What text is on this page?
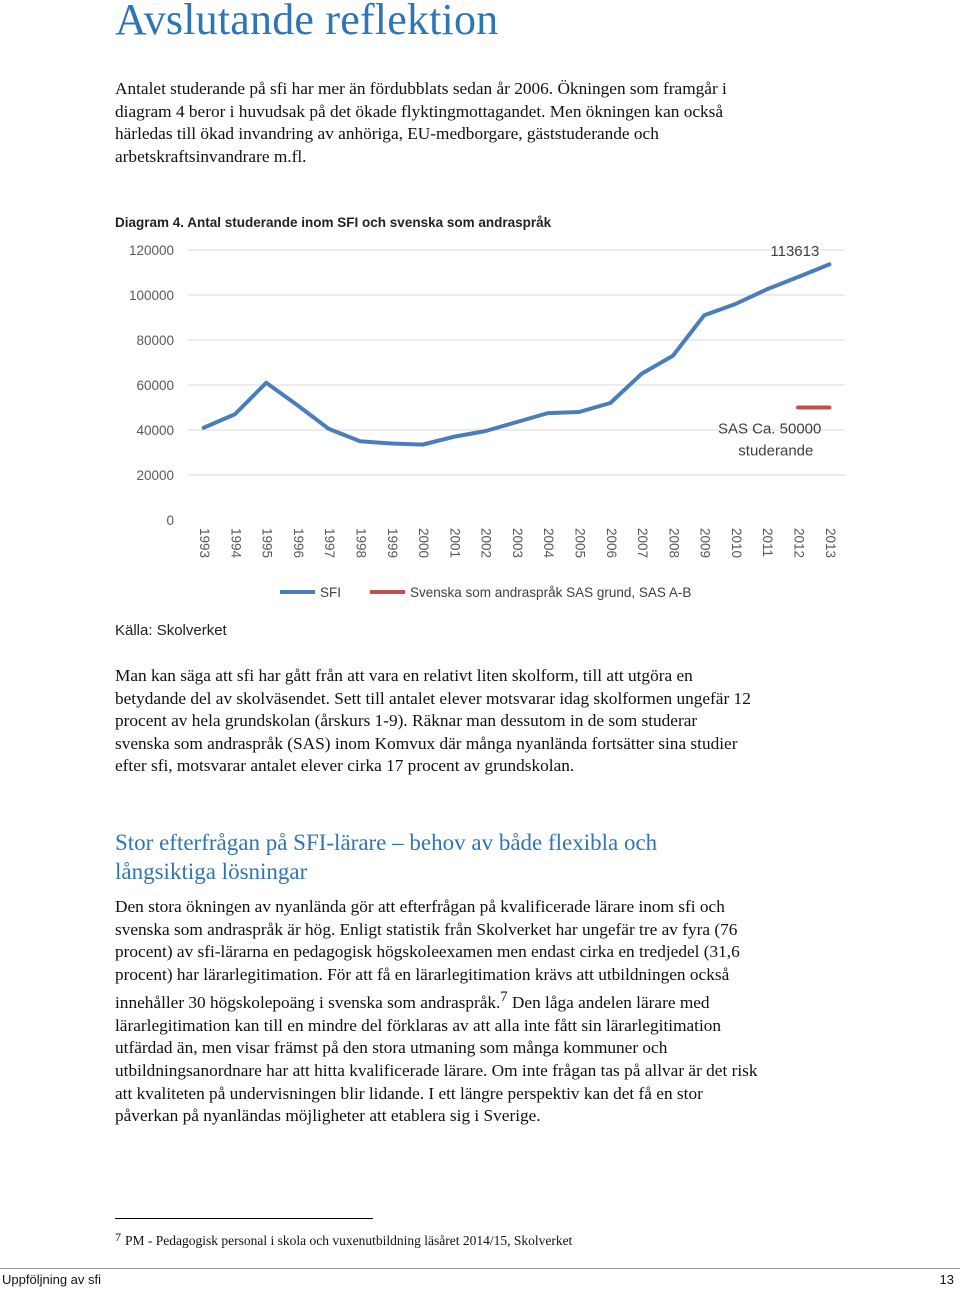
Avslutande reflektion

Antalet studerande på sfi har mer än fördubblats sedan år 2006. Ökningen som framgår i diagram 4 beror i huvudsak på det ökade flyktingmottagandet. Men ökningen kan också härledas till ökad invandring av anhöriga, EU-medborgare, gäststuderande och arbetskraftsinvandrare m.fl.

Diagram 4. Antal studerande inom SFI och svenska som andraspråk

0
20000
40000
60000
80000
100000
120000
1993 1994 1995 1996 1997 1998 1999 2000 2001 2002 2003 2004 2005 2006 2007 2008 2009 2010 2011 2012 2013
113613
SAS Ca. 50000
studerande
SFI	Svenska som andraspråk SAS grund, SAS A-B

Källa: Skolverket

Man kan säga att sfi har gått från att vara en relativt liten skolform, till att utgöra en betydande del av skolväsendet. Sett till antalet elever motsvarar idag skolformen ungefär 12 procent av hela grundskolan (årskurs 1-9). Räknar man dessutom in de som studerar svenska som andraspråk (SAS) inom Komvux där många nyanlända fortsätter sina studier efter sfi, motsvarar antalet elever cirka 17 procent av grundskolan.

Stor efterfrågan på SFI-lärare – behov av både flexibla och långsiktiga lösningar

Den stora ökningen av nyanlända gör att efterfrågan på kvalificerade lärare inom sfi och svenska som andraspråk är hög. Enligt statistik från Skolverket har ungefär tre av fyra (76 procent) av sfi-lärarna en pedagogisk högskoleexamen men endast cirka en tredjedel (31,6 procent) har lärarlegitimation. För att få en lärarlegitimation krävs att utbildningen också innehåller 30 högskolepoäng i svenska som andraspråk.$^7$ Den låga andelen lärare med lärarlegitimation kan till en mindre del förklaras av att alla inte fått sin lärarlegitimation utfärdad än, men visar främst på den stora utmaning som många kommuner och utbildningsanordnare har att hitta kvalificerade lärare. Om inte frågan tas på allvar är det risk att kvaliteten på undervisningen blir lidande. I ett längre perspektiv kan det få en stor påverkan på nyanländas möjligheter att etablera sig i Sverige.

$^7$ PM - Pedagogisk personal i skola och vuxenutbildning läsåret 2014/15, Skolverket

Uppföljning av sfi	13
